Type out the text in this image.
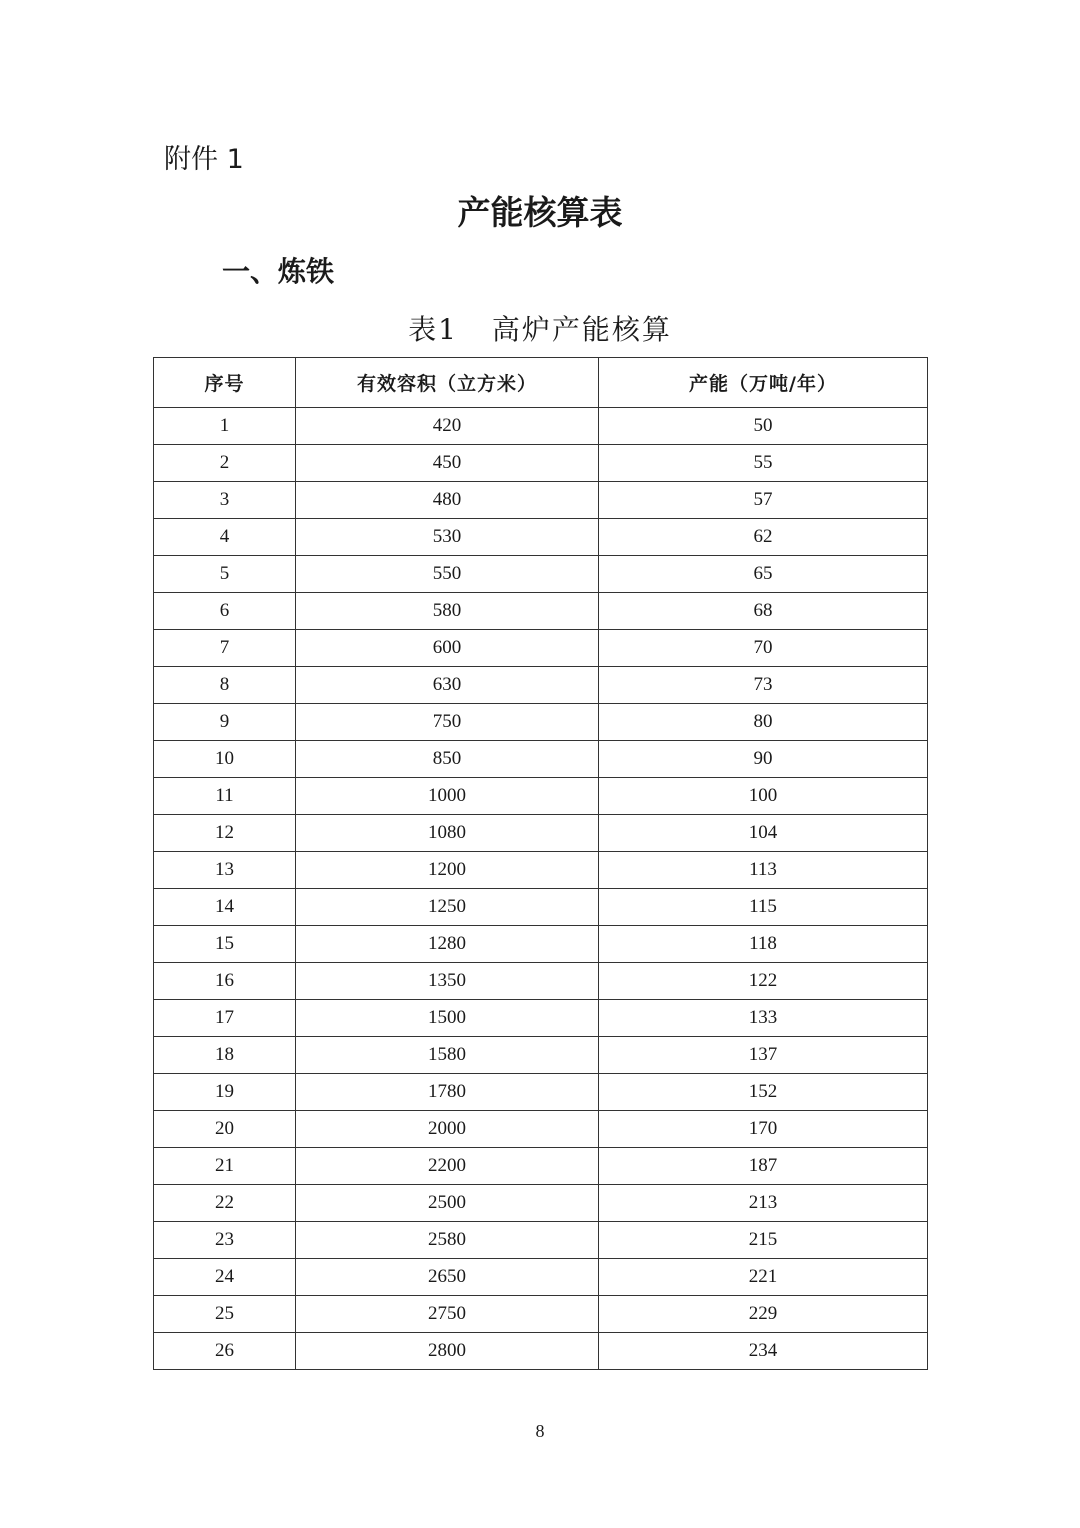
附件 1
产能核算表
一、炼铁
表1 高炉产能核算
序号	有效容积（立方米）	产能（万吨/年）
1	420	50
2	450	55
3	480	57
4	530	62
5	550	65
6	580	68
7	600	70
8	630	73
9	750	80
10	850	90
11	1000	100
12	1080	104
13	1200	113
14	1250	115
15	1280	118
16	1350	122
17	1500	133
18	1580	137
19	1780	152
20	2000	170
21	2200	187
22	2500	213
23	2580	215
24	2650	221
25	2750	229
26	2800	234
8
